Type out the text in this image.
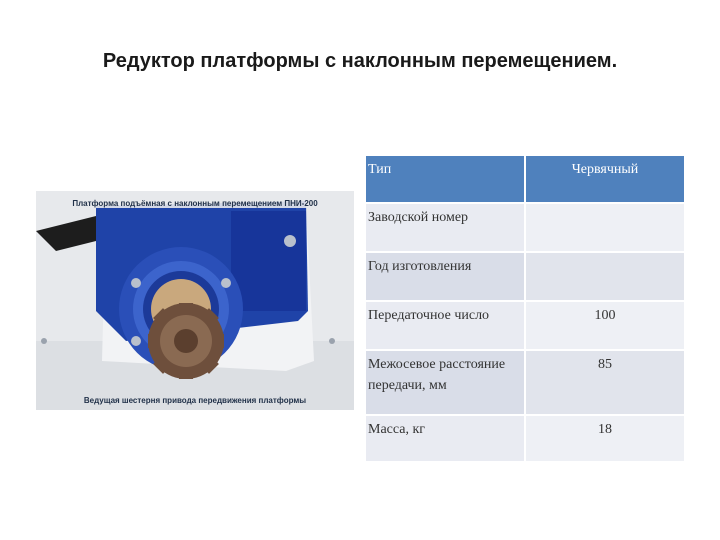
Редуктор платформы с наклонным перемещением.
Платформа подъёмная с наклонным перемещением ПНИ-200
Ведущая шестерня привода передвижения платформы
Тип	Червячный
Заводской номер	
Год изготовления	
Передаточное число	100
Межосевое расстояние передачи, мм	85
Масса, кг	18
